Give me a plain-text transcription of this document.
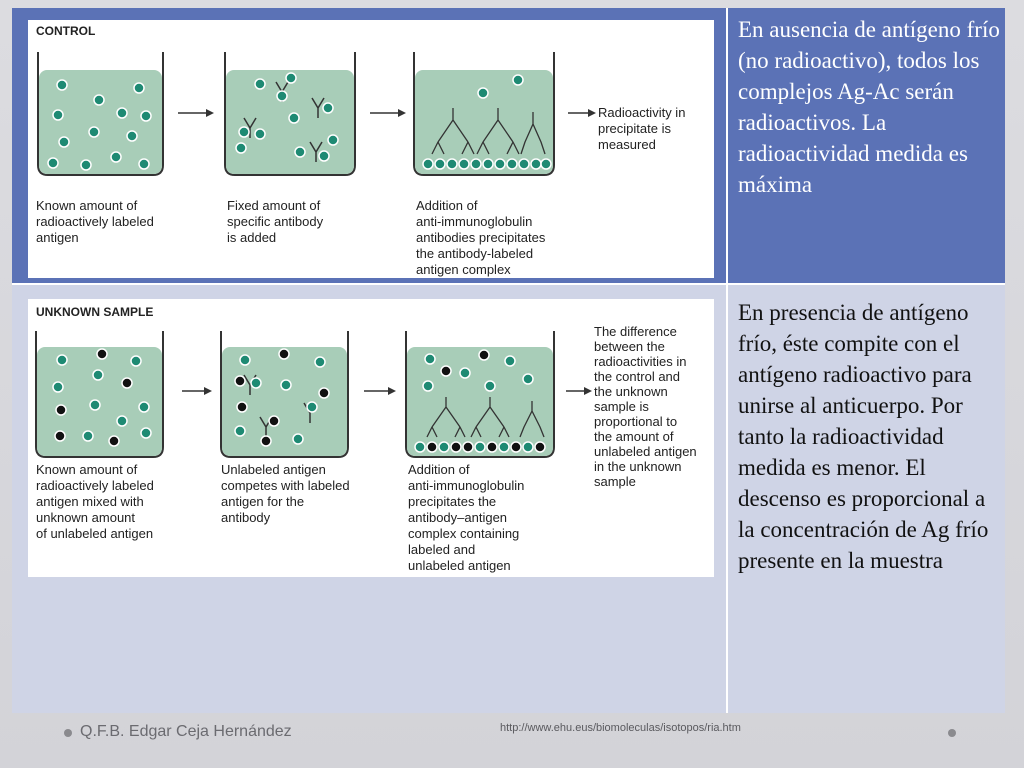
CONTROL
Known amount of
radioactively labeled
antigen
Fixed amount of
specific antibody
is added
Addition of
anti-immunoglobulin
antibodies precipitates
the antibody-labeled
antigen complex
Radioactivity in
precipitate is
measured
En ausencia de antígeno frío (no radioactivo), todos los complejos Ag-Ac serán radioactivos. La radioactividad medida es máxima
UNKNOWN SAMPLE
Known amount of
radioactively labeled
antigen mixed with
unknown amount
of unlabeled antigen
Unlabeled antigen
competes with labeled
antigen for the
antibody
Addition of
anti-immunoglobulin
precipitates the
antibody–antigen
complex containing
labeled and
unlabeled antigen
The difference
between the
radioactivities in
the control and
the unknown
sample is
proportional to
the amount of
unlabeled antigen
in the unknown
sample
En presencia de antígeno frío, éste compite con el antígeno radioactivo para unirse al anticuerpo. Por tanto la radioactividad medida es menor. El descenso es proporcional a la concentración de Ag frío presente en la muestra
Q.F.B. Edgar Ceja Hernández	http://www.ehu.eus/biomoleculas/isotopos/ria.htm
